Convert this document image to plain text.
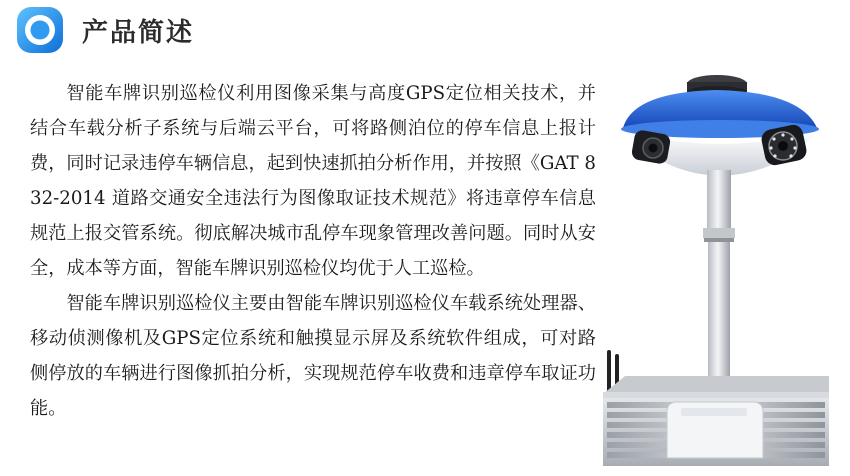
产品简述

智能车牌识别巡检仪利用图像采集与高度GPS定位相关技术，并结合车载分析子系统与后端云平台，可将路侧泊位的停车信息上报计费，同时记录违停车辆信息，起到快速抓拍分析作用，并按照《GAT 832-2014 道路交通安全违法行为图像取证技术规范》将违章停车信息规范上报交管系统。彻底解决城市乱停车现象管理改善问题。同时从安全，成本等方面，智能车牌识别巡检仪均优于人工巡检。

智能车牌识别巡检仪主要由智能车牌识别巡检仪车载系统处理器、移动侦测像机及GPS定位系统和触摸显示屏及系统软件组成，可对路侧停放的车辆进行图像抓拍分析，实现规范停车收费和违章停车取证功能。
